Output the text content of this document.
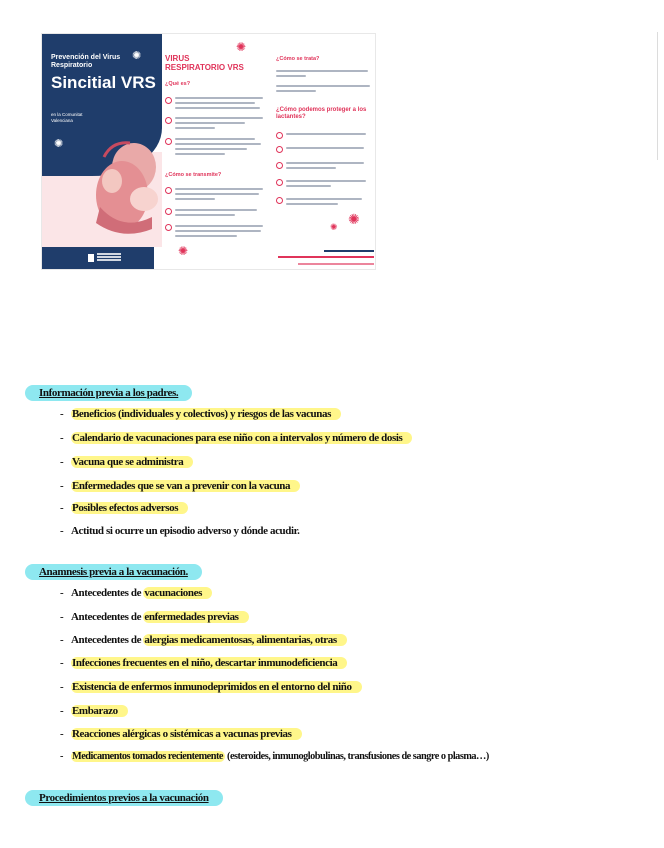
Prevención del Virus Respiratorio
Sincitial VRS
en la Comunitat Valenciana
✺
✺
✺
VIRUS RESPIRATORIO VRS
¿Qué es?
¿Cómo se transmite?
✺
¿Cómo se trata?
¿Cómo podemos proteger a los lactantes?
✺ ✺
Información previa a los padres.
- Beneficios (individuales y colectivos) y riesgos de las vacunas
- Calendario de vacunaciones para ese niño con a intervalos y número de dosis
- Vacuna que se administra
- Enfermedades que se van a prevenir con la vacuna
- Posibles efectos adversos
- Actitud si ocurre un episodio adverso y dónde acudir.
Anamnesis previa a la vacunación.
- Antecedentes de vacunaciones
- Antecedentes de enfermedades previas
- Antecedentes de alergias medicamentosas, alimentarias, otras
- Infecciones frecuentes en el niño, descartar inmunodeficiencia
- Existencia de enfermos inmunodeprimidos en el entorno del niño
- Embarazo
- Reacciones alérgicas o sistémicas a vacunas previas
- Medicamentos tomados recientemente (esteroides, inmunoglobulinas, transfusiones de sangre o plasma…)
Procedimientos previos a la vacunación
